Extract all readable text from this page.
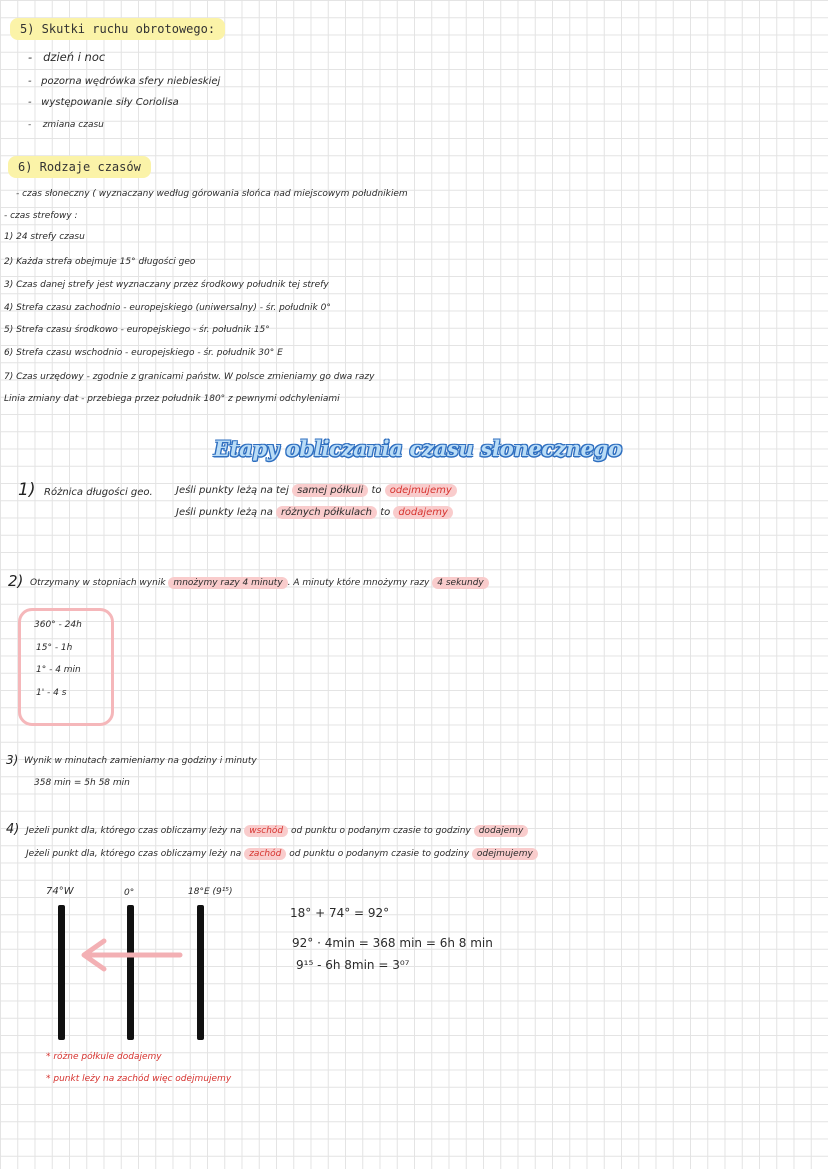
5) Skutki ruchu obrotowego:
-   dzień i noc
-   pozorna wędrówka sfery niebieskiej
-   występowanie siły Coriolisa
-    zmiana czasu
6) Rodzaje czasów
- czas słoneczny ( wyznaczany według górowania słońca nad miejscowym południkiem
- czas strefowy :
1) 24 strefy czasu
2) Każda strefa obejmuje 15° długości geo
3) Czas danej strefy jest wyznaczany przez środkowy południk tej strefy
4) Strefa czasu zachodnio - europejskiego (uniwersalny) - śr. południk 0°
5) Strefa czasu środkowo - europejskiego - śr. południk 15°
6) Strefa czasu wschodnio - europejskiego - śr. południk 30° E
7) Czas urzędowy - zgodnie z granicami państw. W polsce zmieniamy go dwa razy
Linia zmiany dat - przebiega przez południk 180° z pewnymi odchyleniami
Etapy obliczania czasu słonecznego
1) Różnica długości geo. Jeśli punkty leżą na tej samej półkuli to odejmujemy
Jeśli punkty leżą na różnych półkulach to dodajemy
2) Otrzymany w stopniach wynik mnożymy razy 4 minuty . A minuty które mnożymy razy 4 sekundy
360° - 24h
15° - 1h
1° - 4 min
1' - 4 s
3) Wynik w minutach zamieniamy na godziny i minuty
358 min = 5h 58 min
4) Jeżeli punkt dla, którego czas obliczamy leży na wschód od punktu o podanym czasie to godziny dodajemy
Jeżeli punkt dla, którego czas obliczamy leży na zachód od punktu o podanym czasie to godziny odejmujemy
74°W	0°	18°E (9¹⁵)
* różne półkule dodajemy
* punkt leży na zachód więc odejmujemy
18° + 74° = 92°
92° · 4min = 368 min = 6h 8 min
9¹⁵ - 6h 8min = 3⁰⁷
